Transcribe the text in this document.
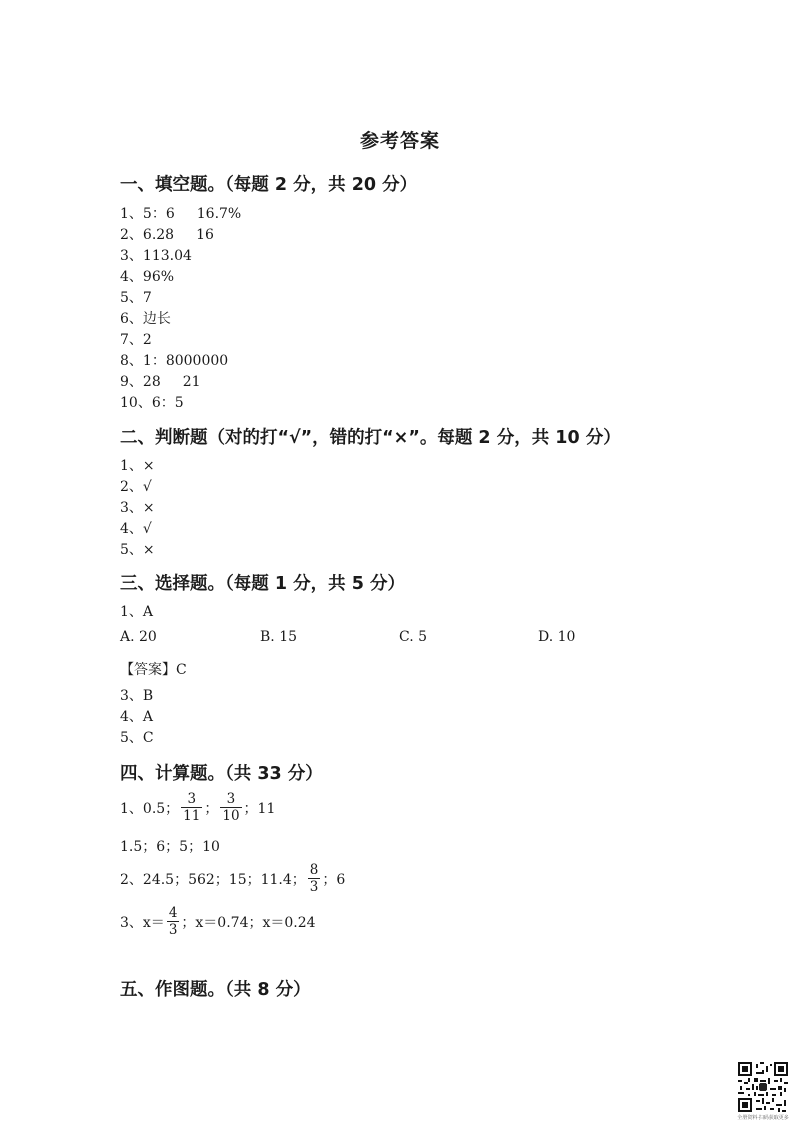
参考答案
一、填空题。（每题 2 分，共 20 分）
1、5：6 16.7%
2、6.28 16
3、113.04
4、96%
5、7
6、边长
7、2
8、1：8000000
9、28 21
10、6：5
二、判断题（对的打“√”，错的打“×”。每题 2 分，共 10 分）
1、×
2、√
3、×
4、√
5、×
三、选择题。（每题 1 分，共 5 分）
1、A
A. 20	B. 15	C. 5	D. 10
【答案】C
3、B
4、A
5、C
四、计算题。（共 33 分）
1、0.5； $\frac{3}{11}$ ； $\frac{3}{10}$ ；11
1.5；6；5；10
2、24.5；562；15；11.4； $\frac{8}{3}$ ；6
3、$x= \frac{4}{3}$ ；x＝0.74；x＝0.24
五、作图题。（共 8 分）
全册资料·扫码获取更多
